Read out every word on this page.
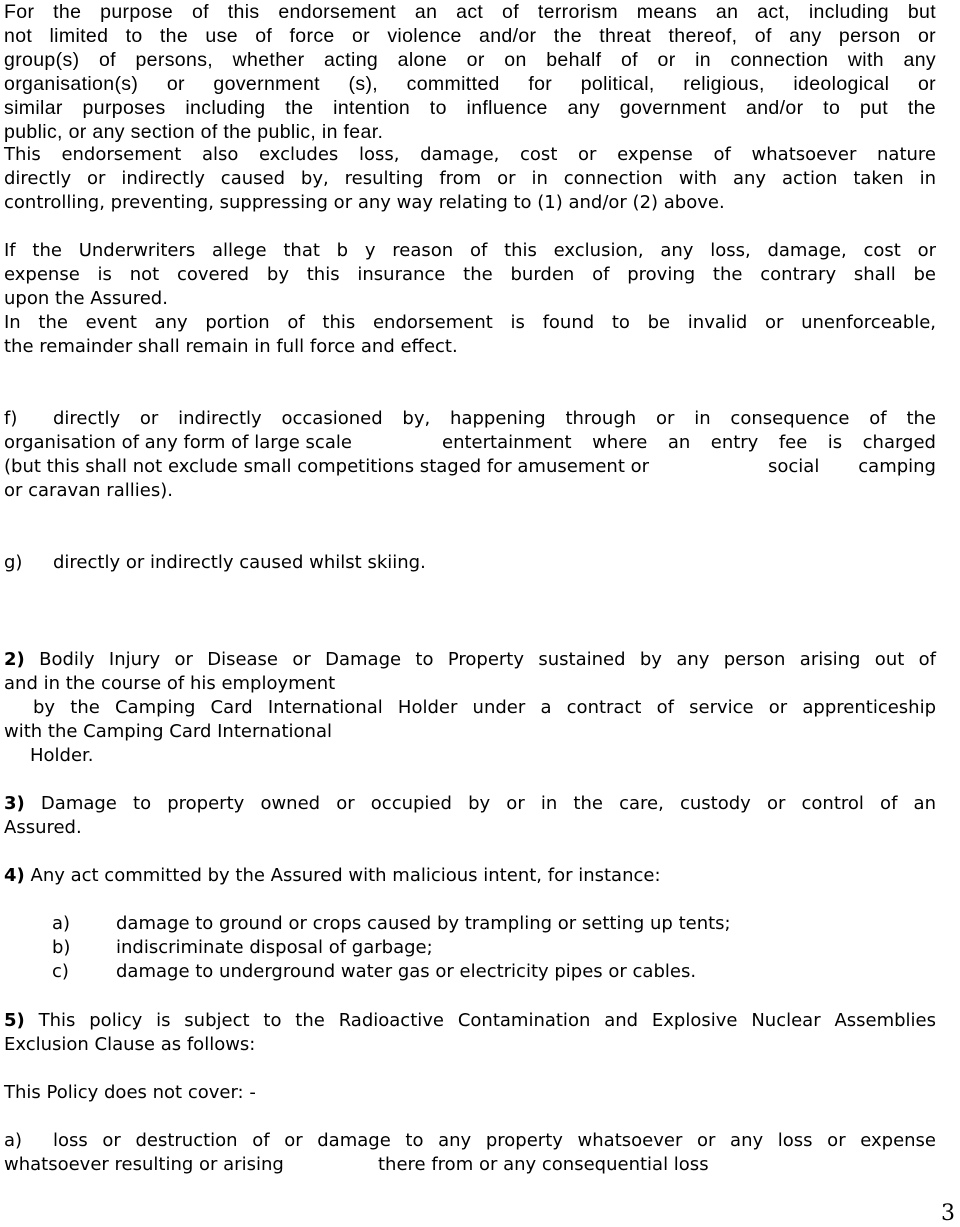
For the purpose of this endorsement an act of terrorism means an act, including but

not limited to the use of force or violence and/or the threat thereof, of any person or

group(s) of persons, whether acting alone or on behalf of or in connection with any

organisation(s) or government (s), committed for political, religious, ideological or

similar purposes including the intention to influence any government and/or to put the

public, or any section of the public, in fear.

This endorsement also excludes loss, damage, cost or expense of whatsoever nature

directly or indirectly caused by, resulting from or in connection with any action taken in

controlling, preventing, suppressing or any way relating to (1) and/or (2) above.

If the Underwriters allege that b y reason of this exclusion, any loss, damage, cost or

expense is not covered by this insurance the burden of proving the contrary shall be

upon the Assured.

In the event any portion of this endorsement is found to be invalid or unenforceable,

the remainder shall remain in full force and effect.

f)	directly or indirectly occasioned by, happening through or in consequence of the
organisation of any form of large scale	entertainment where an entry fee is charged
(but this shall not exclude small competitions staged for amusement or	social camping

or caravan rallies).

g) directly or indirectly caused whilst skiing.
2) Bodily Injury or Disease or Damage to Property sustained by any person arising out of

and in the course of his employment

by the Camping Card International Holder under a contract of service or apprenticeship

with the Camping Card International

Holder.

3) Damage to property owned or occupied by or in the care, custody or control of an

Assured.

4) Any act committed by the Assured with malicious intent, for instance:
a)	damage to ground or crops caused by trampling or setting up tents;
b)	indiscriminate disposal of garbage;
c)	damage to underground water gas or electricity pipes or cables.
5) This policy is subject to the Radioactive Contamination and Explosive Nuclear Assemblies

Exclusion Clause as follows:

This Policy does not cover: -

a)	loss or destruction of or damage to any property whatsoever or any loss or expense
whatsoever resulting or arising	there from or any consequential loss
3
